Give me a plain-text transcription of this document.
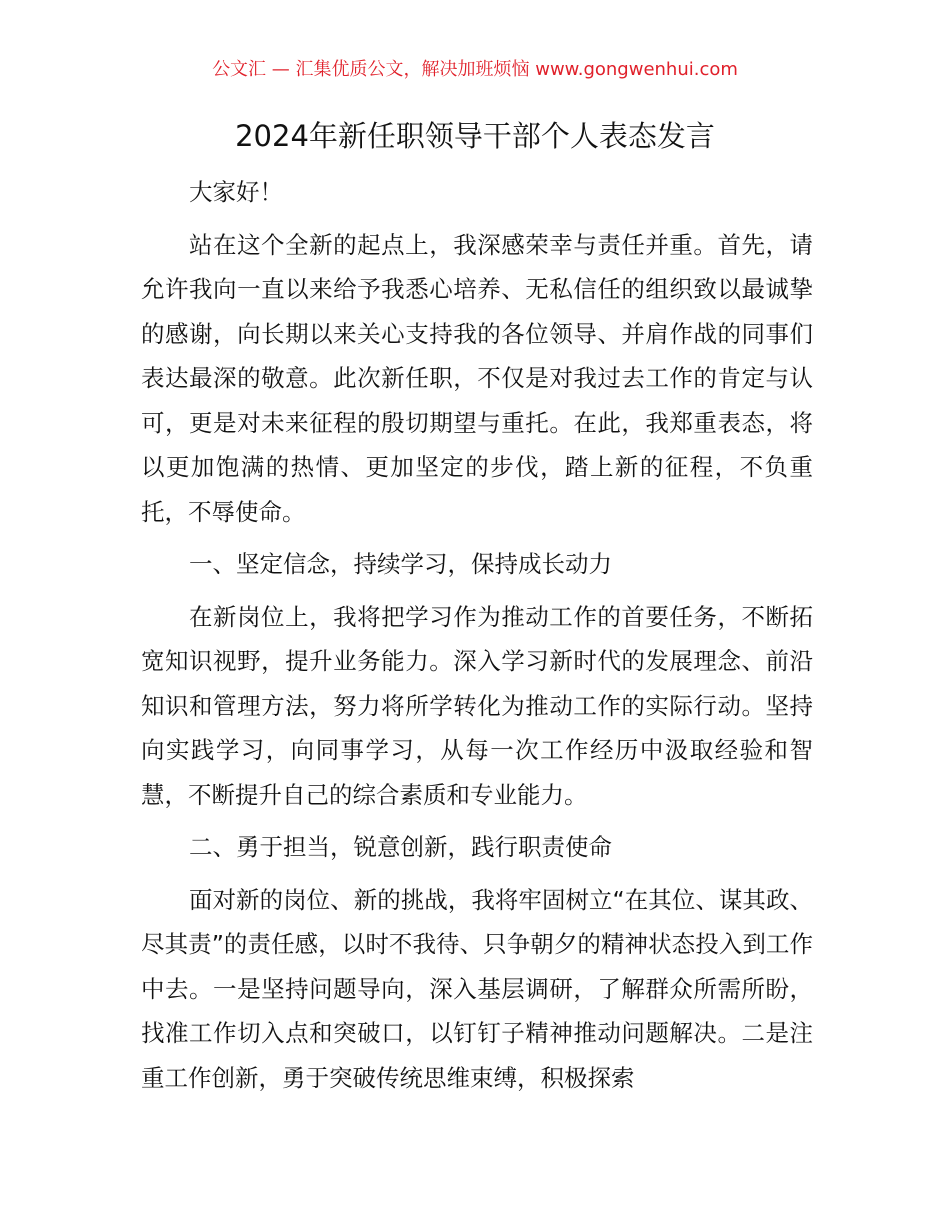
公文汇 — 汇集优质公文，解决加班烦恼 www.gongwenhui.com
2024年新任职领导干部个人表态发言

大家好！

站在这个全新的起点上，我深感荣幸与责任并重。首先，请允许我向一直以来给予我悉心培养、无私信任的组织致以最诚挚的感谢，向长期以来关心支持我的各位领导、并肩作战的同事们表达最深的敬意。此次新任职，不仅是对我过去工作的肯定与认可，更是对未来征程的殷切期望与重托。在此，我郑重表态，将以更加饱满的热情、更加坚定的步伐，踏上新的征程，不负重托，不辱使命。

一、坚定信念，持续学习，保持成长动力

在新岗位上，我将把学习作为推动工作的首要任务，不断拓宽知识视野，提升业务能力。深入学习新时代的发展理念、前沿知识和管理方法，努力将所学转化为推动工作的实际行动。坚持向实践学习，向同事学习，从每一次工作经历中汲取经验和智慧，不断提升自己的综合素质和专业能力。

二、勇于担当，锐意创新，践行职责使命

面对新的岗位、新的挑战，我将牢固树立“在其位、谋其政、尽其责”的责任感，以时不我待、只争朝夕的精神状态投入到工作中去。一是坚持问题导向，深入基层调研，了解群众所需所盼，找准工作切入点和突破口，以钉钉子精神推动问题解决。二是注重工作创新，勇于突破传统思维束缚，积极探索
